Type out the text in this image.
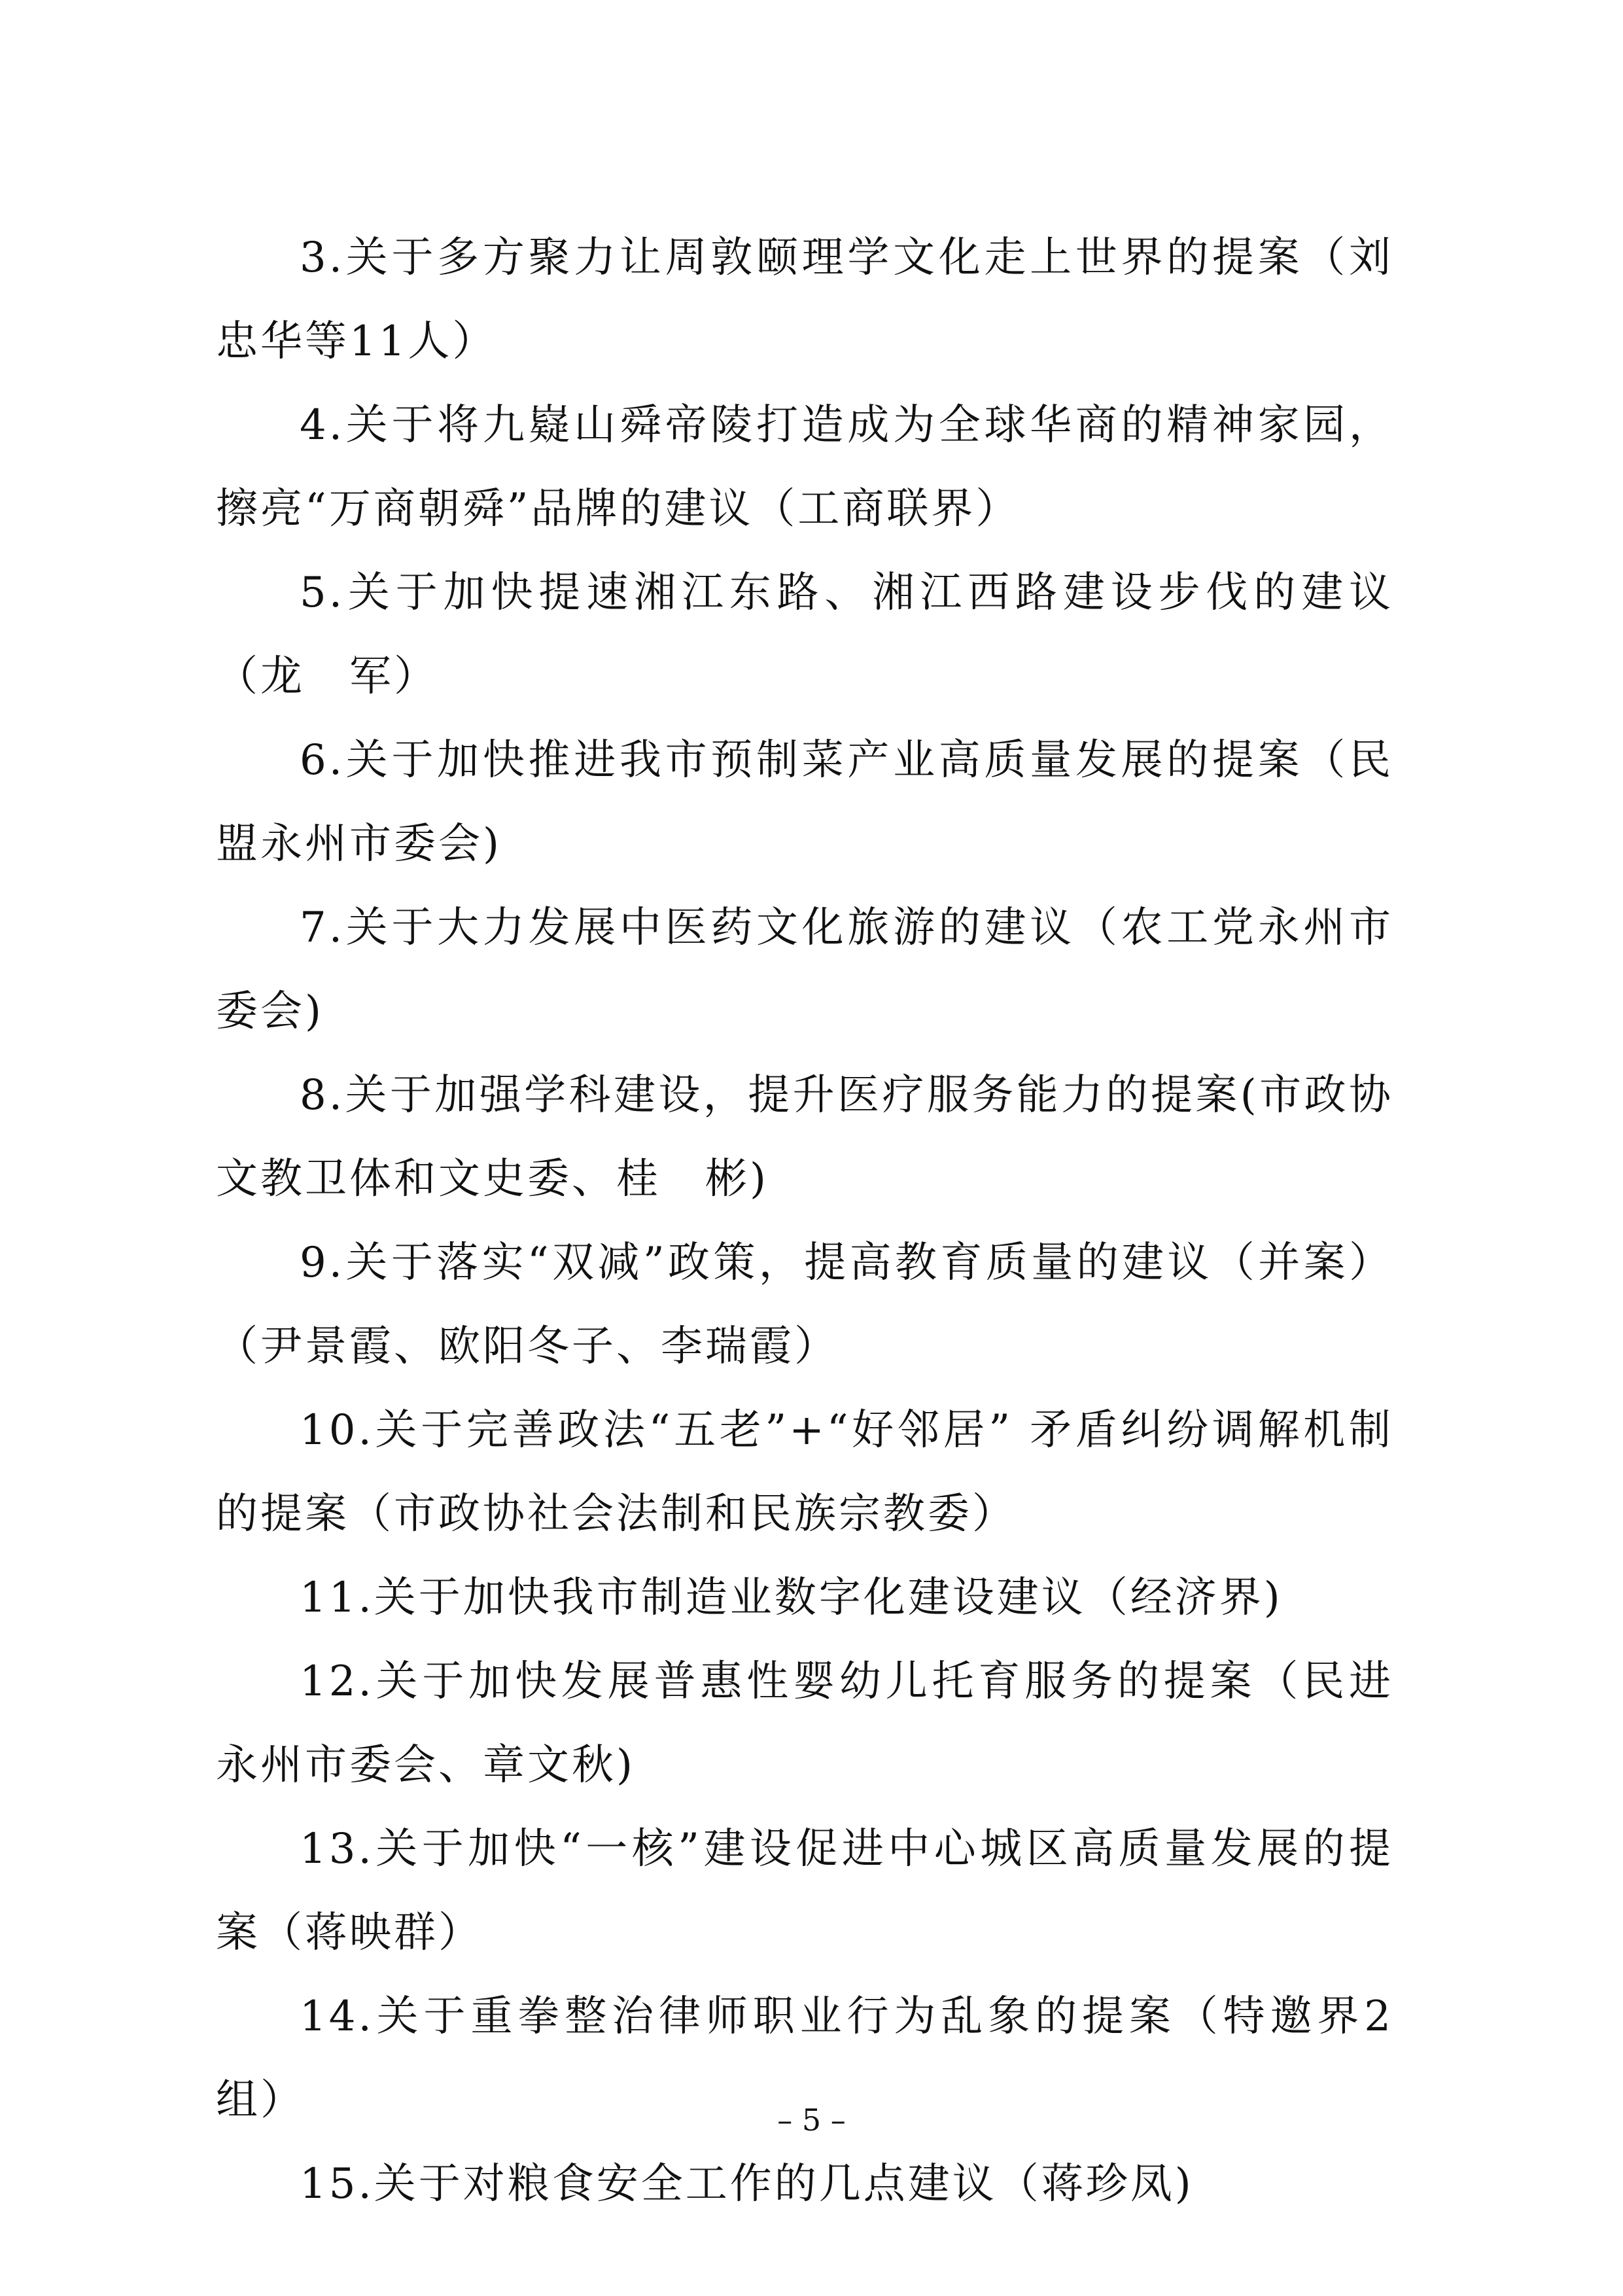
3.关于多方聚力让周敦颐理学文化走上世界的提案（刘忠华等11人）

4.关于将九嶷山舜帝陵打造成为全球华商的精神家园，擦亮“万商朝舜”品牌的建议（工商联界）

5.关于加快提速湘江东路、湘江西路建设步伐的建议（龙　军）

6.关于加快推进我市预制菜产业高质量发展的提案（民盟永州市委会)

7.关于大力发展中医药文化旅游的建议（农工党永州市委会)

8.关于加强学科建设，提升医疗服务能力的提案(市政协文教卫体和文史委、桂　彬)

9.关于落实“双减”政策，提高教育质量的建议（并案）（尹景霞、欧阳冬子、李瑞霞）

10.关于完善政法“五老”+“好邻居” 矛盾纠纷调解机制的提案（市政协社会法制和民族宗教委）

11.关于加快我市制造业数字化建设建议（经济界)

12.关于加快发展普惠性婴幼儿托育服务的提案（民进永州市委会、章文秋)

13.关于加快“一核”建设促进中心城区高质量发展的提案（蒋映群）

14.关于重拳整治律师职业行为乱象的提案（特邀界2组）

15.关于对粮食安全工作的几点建议（蒋珍凤)

– 5 –
